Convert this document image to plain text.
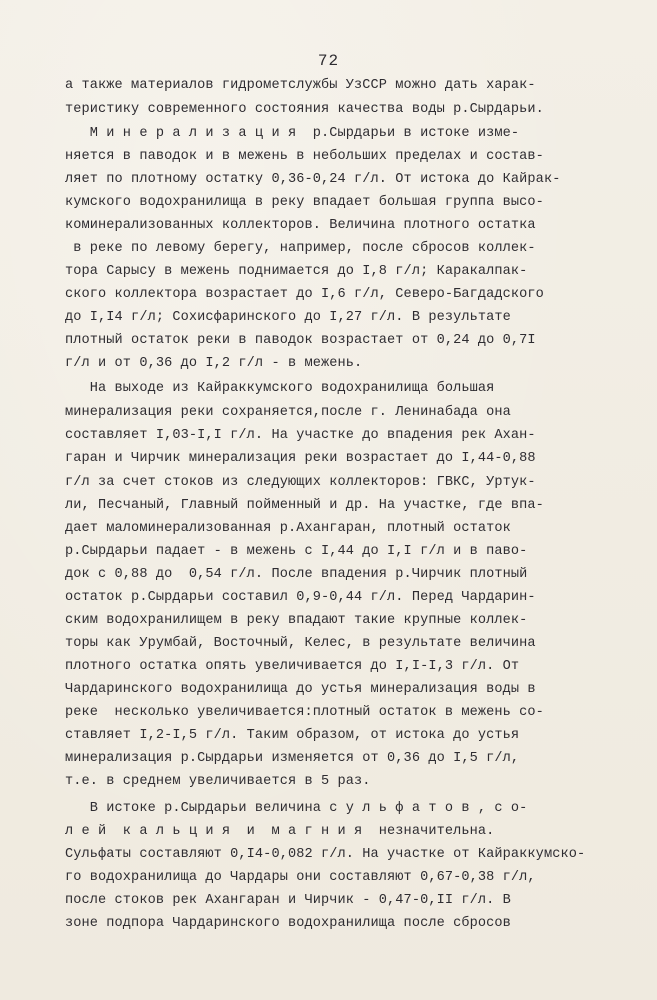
72
а также материалов гидрометслужбы УзССР можно дать харак-
теристику современного состояния качества воды р.Сырдарьи.
М и н е р а л и з а ц и я  р.Сырдарьи в истоке изме-
няется в паводок и в межень в небольших пределах и состав-
ляет по плотному остатку 0,36-0,24 г/л. От истока до Кайрак-
кумского водохранилища в реку впадает большая группа высо-
коминерализованных коллекторов. Величина плотного остатка
в реке по левому берегу, например, после сбросов коллек-
тора Сарысу в межень поднимается до I,8 г/л; Каракалпак-
ского коллектора возрастает до I,6 г/л, Северо-Багдадского
до I,I4 г/л; Сохисфаринского до I,27 г/л. В результате
плотный остаток реки в паводок возрастает от 0,24 до 0,7I
г/л и от 0,36 до I,2 г/л - в межень.
На выходе из Кайраккумского водохранилища большая
минерализация реки сохраняется,после г. Ленинабада она
составляет I,03-I,I г/л. На участке до впадения рек Ахан-
гаран и Чирчик минерализация реки возрастает до I,44-0,88
г/л за счет стоков из следующих коллекторов: ГВКС, Уртук-
ли, Песчаный, Главный пойменный и др. На участке, где впа-
дает маломинерализованная р.Ахангаран, плотный остаток
р.Сырдарьи падает - в межень с I,44 до I,I г/л и в паво-
док с 0,88 до  0,54 г/л. После впадения р.Чирчик плотный
остаток р.Сырдарьи составил 0,9-0,44 г/л. Перед Чардарин-
ским водохранилищем в реку впадают такие крупные коллек-
торы как Урумбай, Восточный, Келес, в результате величина
плотного остатка опять увеличивается до I,I-I,3 г/л. От
Чардаринского водохранилища до устья минерализация воды в
реке  несколько увеличивается:плотный остаток в межень со-
ставляет I,2-I,5 г/л. Таким образом, от истока до устья
минерализация р.Сырдарьи изменяется от 0,36 до I,5 г/л,
т.е. в среднем увеличивается в 5 раз.
В истоке р.Сырдарьи величина с у л ь ф а т о в , с о-
л е й  к а л ь ц и я  и  м а г н и я  незначительна.
Сульфаты составляют 0,I4-0,082 г/л. На участке от Кайраккумско-
го водохранилища до Чардары они составляют 0,67-0,38 г/л,
после стоков рек Ахангаран и Чирчик - 0,47-0,II г/л. В
зоне подпора Чардаринского водохранилища после сбросов
